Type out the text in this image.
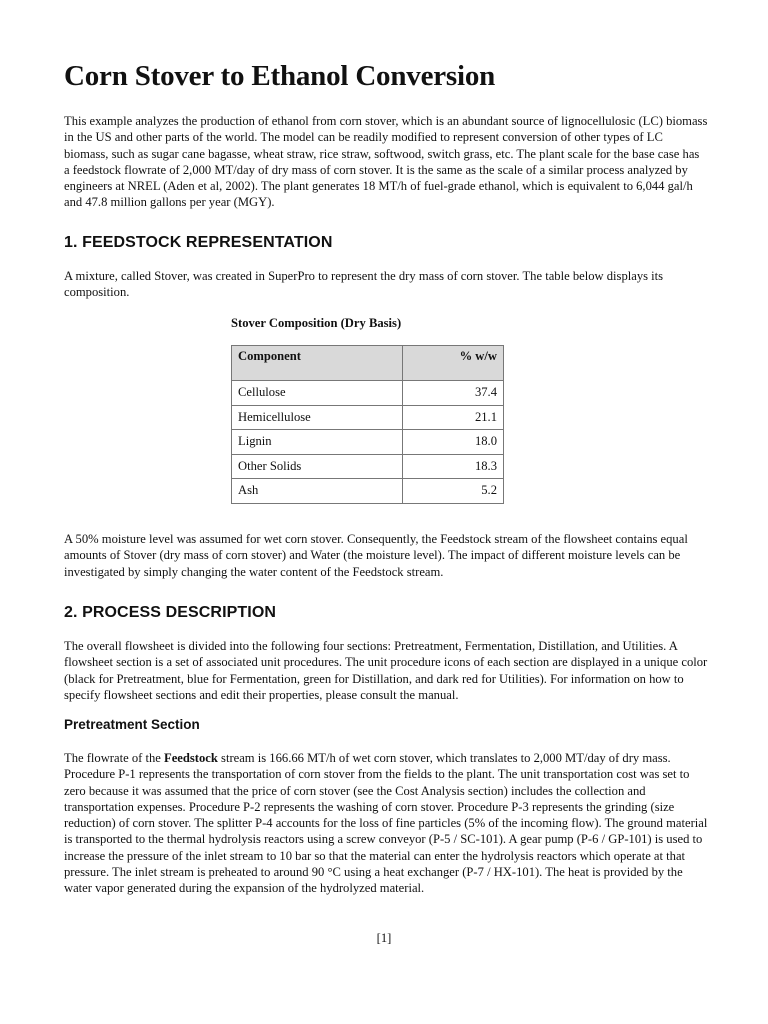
Corn Stover to Ethanol Conversion

This example analyzes the production of ethanol from corn stover, which is an abundant source of lignocellulosic (LC) biomass in the US and other parts of the world. The model can be readily modified to represent conversion of other types of LC biomass, such as sugar cane bagasse, wheat straw, rice straw, softwood, switch grass, etc. The plant scale for the base case has a feedstock flowrate of 2,000 MT/day of dry mass of corn stover. It is the same as the scale of a similar process analyzed by engineers at NREL (Aden et al, 2002). The plant generates 18 MT/h of fuel-grade ethanol, which is equivalent to 6,044 gal/h and 47.8 million gallons per year (MGY).

1. FEEDSTOCK REPRESENTATION

A mixture, called Stover, was created in SuperPro to represent the dry mass of corn stover. The table below displays its composition.

Stover Composition (Dry Basis)

Component	% w/w
Cellulose	37.4
Hemicellulose	21.1
Lignin	18.0
Other Solids	18.3
Ash	5.2

A 50% moisture level was assumed for wet corn stover. Consequently, the Feedstock stream of the flowsheet contains equal amounts of Stover (dry mass of corn stover) and Water (the moisture level). The impact of different moisture levels can be investigated by simply changing the water content of the Feedstock stream.

2. PROCESS DESCRIPTION

The overall flowsheet is divided into the following four sections: Pretreatment, Fermentation, Distillation, and Utilities. A flowsheet section is a set of associated unit procedures. The unit procedure icons of each section are displayed in a unique color (black for Pretreatment, blue for Fermentation, green for Distillation, and dark red for Utilities). For information on how to specify flowsheet sections and edit their properties, please consult the manual.

Pretreatment Section

The flowrate of the Feedstock stream is 166.66 MT/h of wet corn stover, which translates to 2,000 MT/day of dry mass. Procedure P-1 represents the transportation of corn stover from the fields to the plant. The unit transportation cost was set to zero because it was assumed that the price of corn stover (see the Cost Analysis section) includes the collection and transportation expenses. Procedure P-2 represents the washing of corn stover. Procedure P-3 represents the grinding (size reduction) of corn stover. The splitter P-4 accounts for the loss of fine particles (5% of the incoming flow). The ground material is transported to the thermal hydrolysis reactors using a screw conveyor (P-5 / SC-101). A gear pump (P-6 / GP-101) is used to increase the pressure of the inlet stream to 10 bar so that the material can enter the hydrolysis reactors which operate at that pressure. The inlet stream is preheated to around 90 °C using a heat exchanger (P-7 / HX-101). The heat is provided by the water vapor generated during the expansion of the hydrolyzed material.

[1]
